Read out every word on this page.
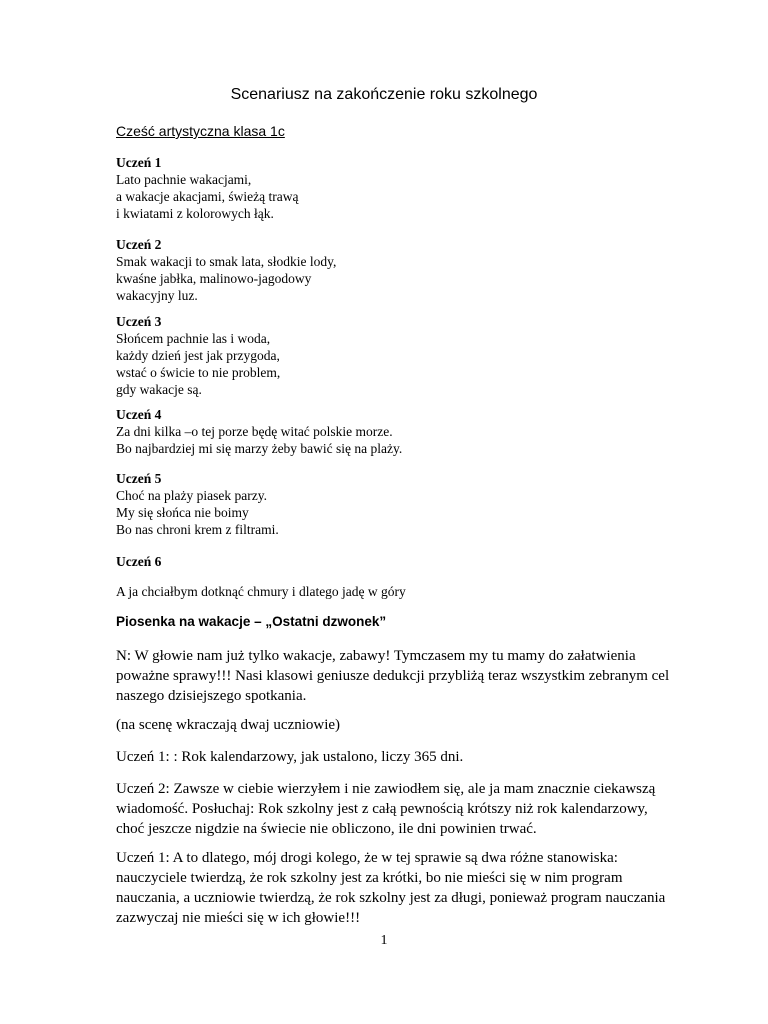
Scenariusz na zakończenie roku szkolnego
Cześć artystyczna klasa 1c
Uczeń 1
Lato pachnie wakacjami,
a wakacje akacjami, świeżą trawą
i kwiatami z kolorowych łąk.
Uczeń 2
Smak wakacji to smak lata, słodkie lody,
kwaśne jabłka, malinowo-jagodowy
wakacyjny luz.
Uczeń 3
Słońcem pachnie las i woda,
każdy dzień jest jak przygoda,
wstać o świcie to nie problem,
gdy wakacje są.
Uczeń 4
Za dni kilka –o tej porze będę witać polskie morze.
Bo najbardziej mi się marzy żeby bawić się na plaży.
Uczeń 5
Choć na plaży piasek parzy.
My się słońca nie boimy
Bo nas chroni krem z filtrami.
Uczeń 6
A ja chciałbym dotknąć chmury i dlatego jadę w góry
Piosenka na wakacje – „Ostatni dzwonek”
N: W głowie nam już tylko wakacje, zabawy! Tymczasem my tu mamy do załatwienia poważne sprawy!!! Nasi klasowi geniusze dedukcji przybliżą teraz wszystkim zebranym cel naszego dzisiejszego spotkania.
(na scenę wkraczają dwaj uczniowie)
Uczeń 1: : Rok kalendarzowy, jak ustalono, liczy 365 dni.
Uczeń 2: Zawsze w ciebie wierzyłem i nie zawiodłem się, ale ja mam znacznie ciekawszą wiadomość. Posłuchaj: Rok szkolny jest z całą pewnością krótszy niż rok kalendarzowy, choć jeszcze nigdzie na świecie nie obliczono, ile dni powinien trwać.
Uczeń 1: A to dlatego, mój drogi kolego, że w tej sprawie są dwa różne stanowiska: nauczyciele twierdzą, że rok szkolny jest za krótki, bo nie mieści się w nim program nauczania, a uczniowie twierdzą, że rok szkolny jest za długi, ponieważ program nauczania zazwyczaj nie mieści się w ich głowie!!!
1
